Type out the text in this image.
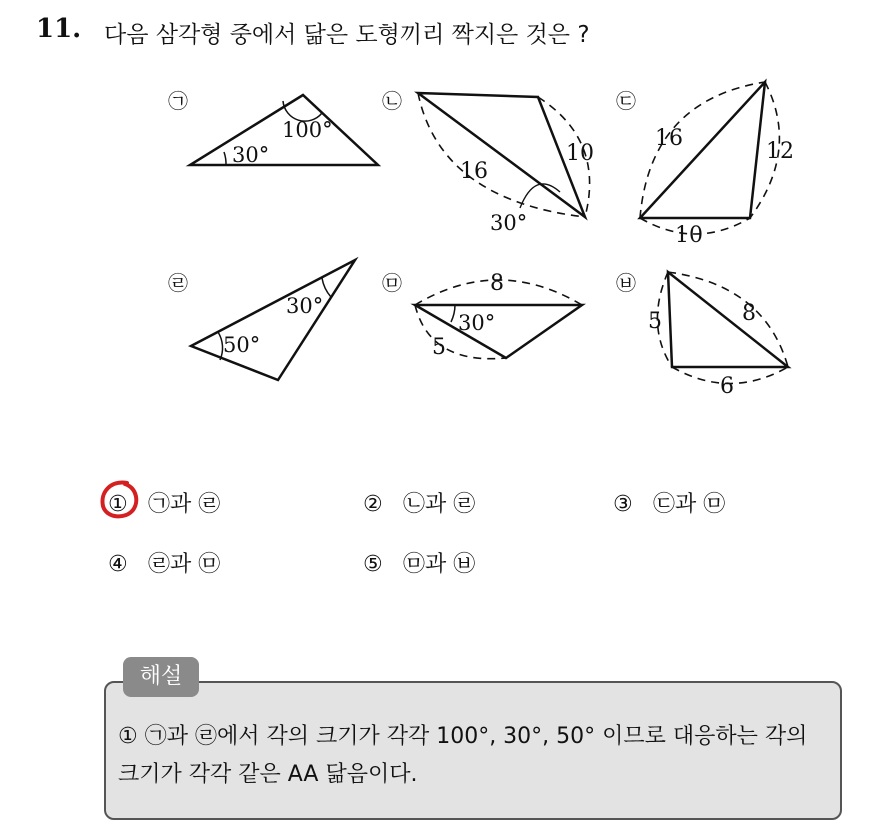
11. 다음 삼각형 중에서 닮은 도형끼리 짝지은 것은 ?
㉠
30°
100°
㉡
16
10
30°
㉢
16
12
10
㉣
30°
50°
㉤	8
5
30°
㉥
5	8
6
① ㉠과 ㉣	② ㉡과 ㉣	③ ㉢과 ㉤
④ ㉣과 ㉤	⑤ ㉤과 ㉥
해설
① ㉠과 ㉣에서 각의 크기가 각각 100°, 30°, 50° 이므로 대응하는 각의 크기가 각각 같은 AA 닮음이다.
